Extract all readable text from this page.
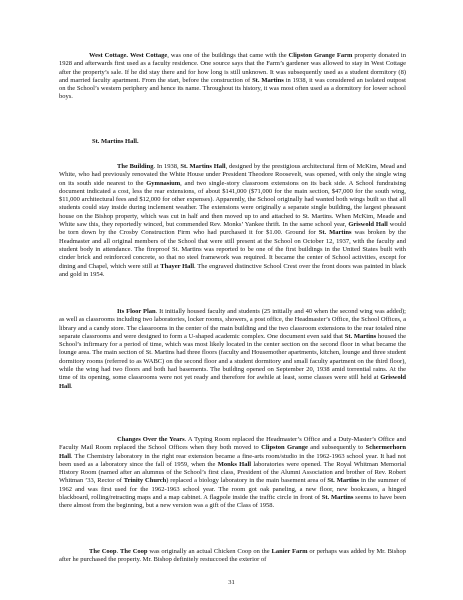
West Cottage. West Cottage, was one of the buildings that came with the Clipston Grange Farm property donated in 1928 and afterwards first used as a faculty residence. One source says that the Farm’s gardener was allowed to stay in West Cottage after the property’s sale. If he did stay there and for how long is still unknown. It was subsequently used as a student dormitory (8) and married faculty apartment. From the start, before the construction of St. Martins in 1938, it was considered an isolated outpost on the School’s western periphery and hence its name. Throughout its history, it was most often used as a dormitory for lower school boys.

St. Martins Hall.

The Building. In 1938, St. Martins Hall, designed by the prestigious architectural firm of McKim, Mead and White, who had previously renovated the White House under President Theodore Roosevelt, was opened, with only the single wing on its south side nearest to the Gymnasium, and two single-story classroom extensions on its back side. A School fundraising document indicated a cost, less the rear extensions, of about $141,000 ($71,000 for the main section, $47,000 for the south wing, $11,000 architectural fees and $12,000 for other expenses). Apparently, the School originally had wanted both wings built so that all students could stay inside during inclement weather. The extensions were originally a separate single building, the largest pheasant house on the Bishop property, which was cut in half and then moved up to and attached to St. Martins. When McKim, Meade and White saw this, they reportedly winced, but commended Rev. Monks’ Yankee thrift. In the same school year, Griswold Hall would be torn down by the Crosby Construction Firm who had purchased it for $1.00. Ground for St. Martins was broken by the Headmaster and all original members of the School that were still present at the School on October 12, 1937, with the faculty and student body in attendance. The fireproof St. Martins was reported to be one of the first buildings in the United States built with cinder brick and reinforced concrete, so that no steel framework was required. It became the center of School activities, except for dining and Chapel, which were still at Thayer Hall. The engraved distinctive School Crest over the front doors was painted in black and gold in 1954.

Its Floor Plan. It initially housed faculty and students (25 initially and 40 when the second wing was added); as well as classrooms including two laboratories, locker rooms, showers, a post office, the Headmaster’s Office, the School Offices, a library and a candy store. The classrooms in the center of the main building and the two classroom extensions to the rear totaled nine separate classrooms and were designed to form a U-shaped academic complex. One document even said that St. Martins housed the School’s infirmary for a period of time, which was most likely located in the center section on the second floor in what became the lounge area. The main section of St. Martins had three floors (faculty and Housemother apartments, kitchen, lounge and three student dormitory rooms (referred to as WABC) on the second floor and a student dormitory and small faculty apartment on the third floor), while the wing had two floors and both had basements. The building opened on September 20, 1938 amid torrential rains. At the time of its opening, some classrooms were not yet ready and therefore for awhile at least, some classes were still held at Griswold Hall.

Changes Over the Years. A Typing Room replaced the Headmaster’s Office and a Duty-Master’s Office and Faculty Mail Room replaced the School Offices when they both moved to Clipston Grange and subsequently to Schermerhorn Hall. The Chemistry laboratory in the right rear extension became a fine-arts room/studio in the 1962-1963 school year. It had not been used as a laboratory since the fall of 1959, when the Monks Hall laboratories were opened. The Royal Whitman Memorial History Room (named after an alumnus of the School’s first class, President of the Alumni Association and brother of Rev. Robert Whitman ’33, Rector of Trinity Church) replaced a biology laboratory in the main basement area of St. Martins in the summer of 1962 and was first used for the 1962-1963 school year. The room got oak paneling, a new floor, new bookcases, a hinged blackboard, rolling/retracting maps and a map cabinet. A flagpole inside the traffic circle in front of St. Martins seems to have been there almost from the beginning, but a new version was a gift of the Class of 1958.

The Coop. The Coop was originally an actual Chicken Coop on the Lanier Farm or perhaps was added by Mr. Bishop after he purchased the property. Mr. Bishop definitely restuccoed the exterior of

31
